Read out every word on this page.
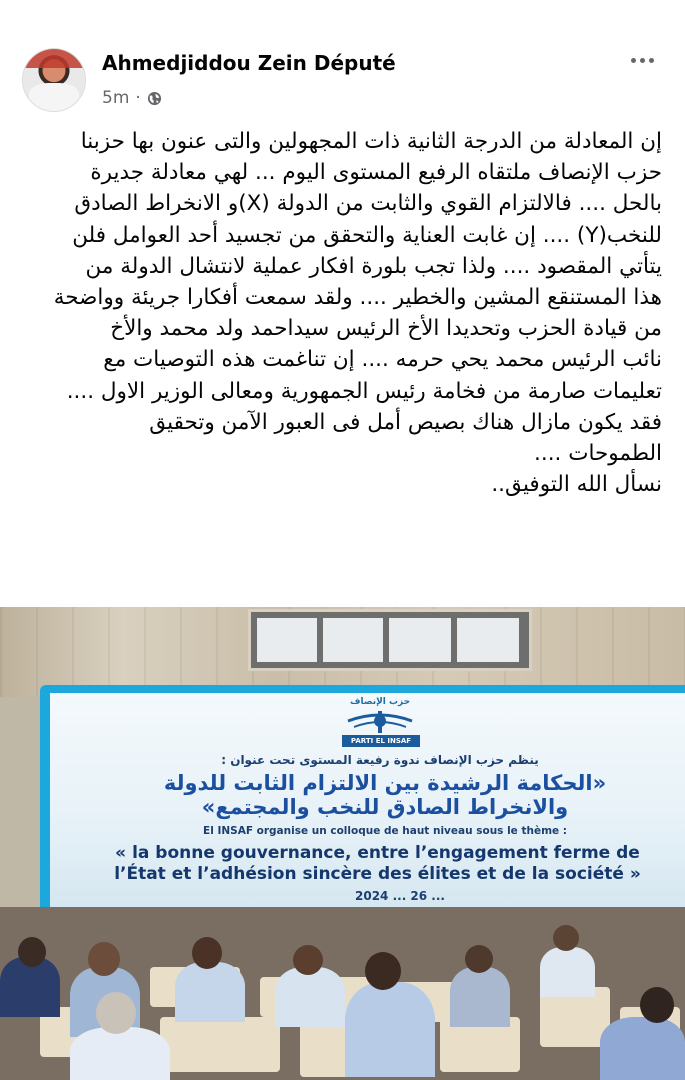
Ahmedjiddou Zein Député
5m ·
إن المعادلة من الدرجة الثانية ذات المجهولين والتى عنون بها حزبنا
حزب الإنصاف ملتقاه الرفيع المستوى اليوم ... لهي معادلة جديرة
بالحل .... فالالتزام القوي والثابت من الدولة (X)و الانخراط الصادق
للنخب(Y) .... إن غابت العناية والتحقق من تجسيد أحد العوامل فلن
يتأتي المقصود .... ولذا تجب بلورة افكار عملية لانتشال الدولة من
هذا المستنقع المشين والخطير .... ولقد سمعت أفكارا جريئة وواضحة
من قيادة الحزب وتحديدا الأخ الرئيس سيداحمد ولد محمد والأخ
نائب الرئيس محمد يحي حرمه .... إن تناغمت هذه التوصيات مع
تعليمات صارمة من فخامة رئيس الجمهورية ومعالى الوزير الاول ....
فقد يكون مازال هناك بصيص أمل فى العبور الآمن وتحقيق
الطموحات ....
نسأل الله التوفيق..
حزب الإنصاف
PARTI EL INSAF
ينظم حزب الإنصاف ندوة رفيعة المستوى تحت عنوان :
«الحكامة الرشيدة بين الالتزام الثابت للدولة
والانخراط الصادق للنخب والمجتمع»
El INSAF organise un colloque de haut niveau sous le thème :
« la bonne gouvernance, entre l’engagement ferme de
l’État et l’adhésion sincère des élites et de la société »
2024 ... 26 ...
